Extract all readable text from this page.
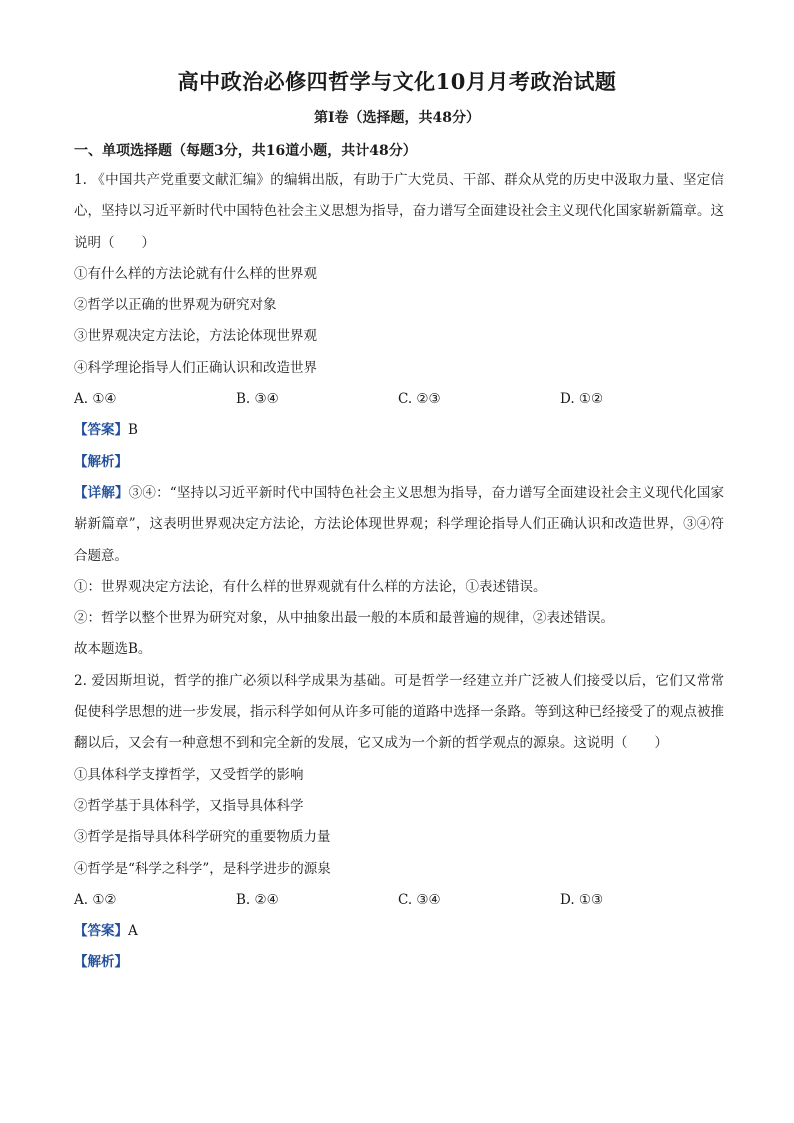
高中政治必修四哲学与文化10月月考政治试题
第Ⅰ卷（选择题，共48分）
一、单项选择题（每题3分，共16道小题，共计48分）
1. 《中国共产党重要文献汇编》的编辑出版，有助于广大党员、干部、群众从党的历史中汲取力量、坚定信心，坚持以习近平新时代中国特色社会主义思想为指导，奋力谱写全面建设社会主义现代化国家崭新篇章。这说明（　　）
①有什么样的方法论就有什么样的世界观
②哲学以正确的世界观为研究对象
③世界观决定方法论，方法论体现世界观
④科学理论指导人们正确认识和改造世界
A. ①④	B. ③④	C. ②③	D. ①②
【答案】B
【解析】
【详解】③④：“坚持以习近平新时代中国特色社会主义思想为指导，奋力谱写全面建设社会主义现代化国家崭新篇章”，这表明世界观决定方法论，方法论体现世界观；科学理论指导人们正确认识和改造世界，③④符合题意。
①：世界观决定方法论，有什么样的世界观就有什么样的方法论，①表述错误。
②：哲学以整个世界为研究对象，从中抽象出最一般的本质和最普遍的规律，②表述错误。
故本题选B。
2. 爱因斯坦说，哲学的推广必须以科学成果为基础。可是哲学一经建立并广泛被人们接受以后，它们又常常促使科学思想的进一步发展，指示科学如何从许多可能的道路中选择一条路。等到这种已经接受了的观点被推翻以后，又会有一种意想不到和完全新的发展，它又成为一个新的哲学观点的源泉。这说明（　　）
①具体科学支撑哲学，又受哲学的影响
②哲学基于具体科学，又指导具体科学
③哲学是指导具体科学研究的重要物质力量
④哲学是“科学之科学”，是科学进步的源泉
A. ①②	B. ②④	C. ③④	D. ①③
【答案】A
【解析】
